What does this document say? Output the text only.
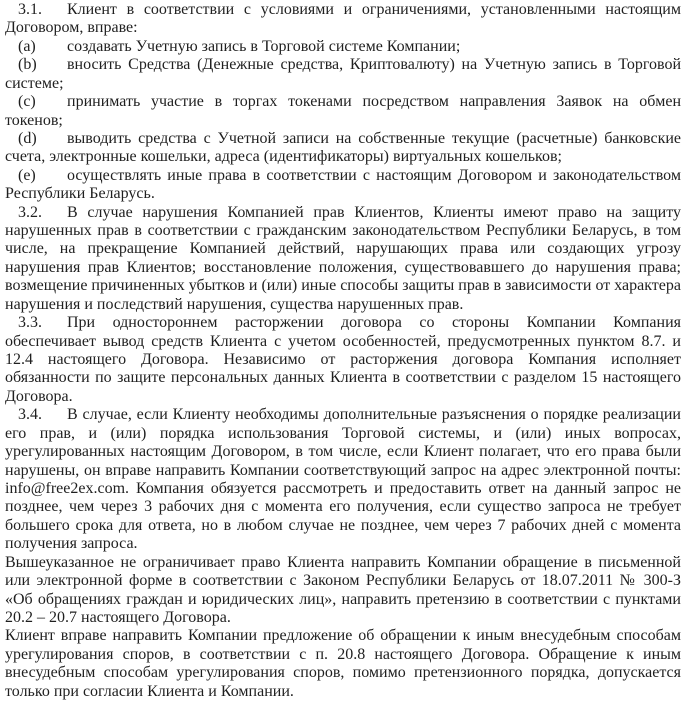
3.1. Клиент в соответствии с условиями и ограничениями, установленными настоящим Договором, вправе:
(a) создавать Учетную запись в Торговой системе Компании;
(b) вносить Средства (Денежные средства, Криптовалюту) на Учетную запись в Торговой системе;
(c) принимать участие в торгах токенами посредством направления Заявок на обмен токенов;
(d) выводить средства с Учетной записи на собственные текущие (расчетные) банковские счета, электронные кошельки, адреса (идентификаторы) виртуальных кошельков;
(e) осуществлять иные права в соответствии с настоящим Договором и законодательством Республики Беларусь.
3.2. В случае нарушения Компанией прав Клиентов, Клиенты имеют право на защиту нарушенных прав в соответствии с гражданским законодательством Республики Беларусь, в том числе, на прекращение Компанией действий, нарушающих права или создающих угрозу нарушения прав Клиентов; восстановление положения, существовавшего до нарушения права; возмещение причиненных убытков и (или) иные способы защиты прав в зависимости от характера нарушения и последствий нарушения, существа нарушенных прав.
3.3. При одностороннем расторжении договора со стороны Компании Компания обеспечивает вывод средств Клиента с учетом особенностей, предусмотренных пунктом 8.7. и 12.4 настоящего Договора. Независимо от расторжения договора Компания исполняет обязанности по защите персональных данных Клиента в соответствии с разделом 15 настоящего Договора.
3.4. В случае, если Клиенту необходимы дополнительные разъяснения о порядке реализации его прав, и (или) порядка использования Торговой системы, и (или) иных вопросах, урегулированных настоящим Договором, в том числе, если Клиент полагает, что его права были нарушены, он вправе направить Компании соответствующий запрос на адрес электронной почты: info@free2ex.com. Компания обязуется рассмотреть и предоставить ответ на данный запрос не позднее, чем через 3 рабочих дня с момента его получения, если существо запроса не требует большего срока для ответа, но в любом случае не позднее, чем через 7 рабочих дней с момента получения запроса.
Вышеуказанное не ограничивает право Клиента направить Компании обращение в письменной или электронной форме в соответствии с Законом Республики Беларусь от 18.07.2011 № 300-З «Об обращениях граждан и юридических лиц», направить претензию в соответствии с пунктами 20.2 – 20.7 настоящего Договора.
Клиент вправе направить Компании предложение об обращении к иным внесудебным способам урегулирования споров, в соответствии с п. 20.8 настоящего Договора. Обращение к иным внесудебным способам урегулирования споров, помимо претензионного порядка, допускается только при согласии Клиента и Компании.
